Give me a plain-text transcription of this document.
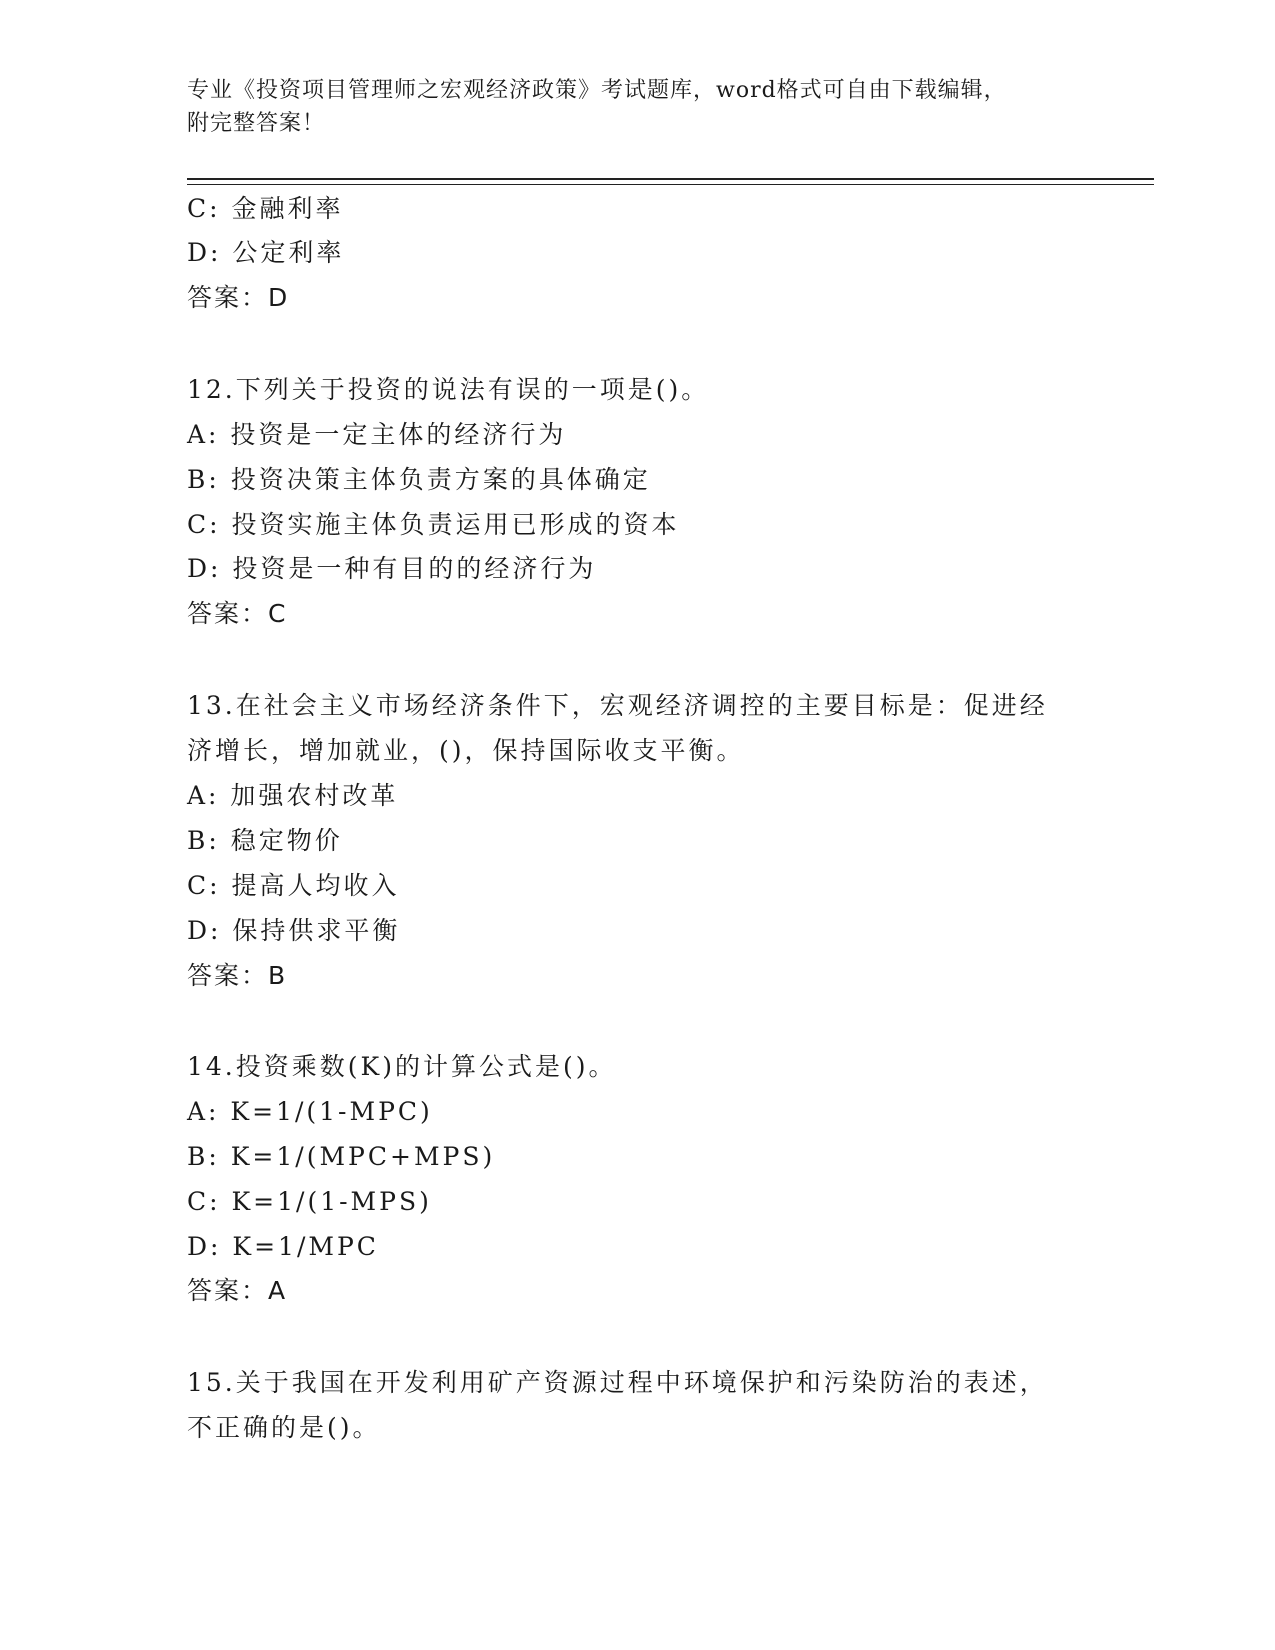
专业《投资项目管理师之宏观经济政策》考试题库，word格式可自由下载编辑，
附完整答案！
C: 金融利率
D: 公定利率
答案：D
12.下列关于投资的说法有误的一项是()。
A: 投资是一定主体的经济行为
B: 投资决策主体负责方案的具体确定
C: 投资实施主体负责运用已形成的资本
D: 投资是一种有目的的经济行为
答案：C
13.在社会主义市场经济条件下，宏观经济调控的主要目标是：促进经
济增长，增加就业，()，保持国际收支平衡。
A: 加强农村改革
B: 稳定物价
C: 提高人均收入
D: 保持供求平衡
答案：B
14.投资乘数(K)的计算公式是()。
A: K=1/(1-MPC)
B: K=1/(MPC+MPS)
C: K=1/(1-MPS)
D: K=1/MPC
答案：A
15.关于我国在开发利用矿产资源过程中环境保护和污染防治的表述，
不正确的是()。
